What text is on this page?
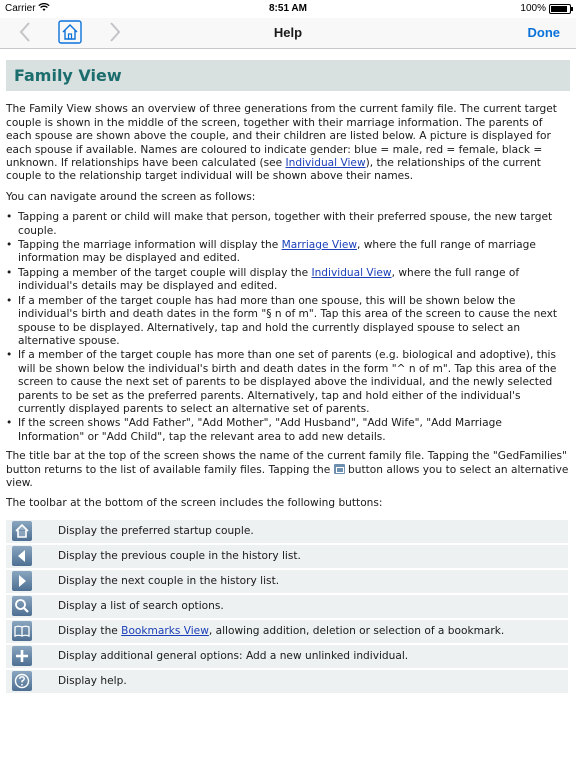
Carrier	8:51 AM	100%
Help	Done
Family View

The Family View shows an overview of three generations from the current family file. The current target couple is shown in the middle of the screen, together with their marriage information. The parents of each spouse are shown above the couple, and their children are listed below. A picture is displayed for each spouse if available. Names are coloured to indicate gender: blue = male, red = female, black = unknown. If relationships have been calculated (see Individual View), the relationships of the current couple to the relationship target individual will be shown above their names.

You can navigate around the screen as follows:

• Tapping a parent or child will make that person, together with their preferred spouse, the new target couple.
• Tapping the marriage information will display the Marriage View, where the full range of marriage information may be displayed and edited.
• Tapping a member of the target couple will display the Individual View, where the full range of individual's details may be displayed and edited.
• If a member of the target couple has had more than one spouse, this will be shown below the individual's birth and death dates in the form "§ n of m". Tap this area of the screen to cause the next spouse to be displayed. Alternatively, tap and hold the currently displayed spouse to select an alternative spouse.
• If a member of the target couple has more than one set of parents (e.g. biological and adoptive), this will be shown below the individual's birth and death dates in the form "^ n of m". Tap this area of the screen to cause the next set of parents to be displayed above the individual, and the newly selected parents to be set as the preferred parents. Alternatively, tap and hold either of the individual's currently displayed parents to select an alternative set of parents.
• If the screen shows "Add Father", "Add Mother", "Add Husband", "Add Wife", "Add Marriage Information" or "Add Child", tap the relevant area to add new details.

The title bar at the top of the screen shows the name of the current family file. Tapping the "GedFamilies" button returns to the list of available family files. Tapping the  button allows you to select an alternative view.

The toolbar at the bottom of the screen includes the following buttons:

	Display the preferred startup couple.

	Display the previous couple in the history list.

	Display the next couple in the history list.

	Display a list of search options.

	Display the Bookmarks View, allowing addition, deletion or selection of a bookmark.

	Display additional general options: Add a new unlinked individual.

	Display help.
